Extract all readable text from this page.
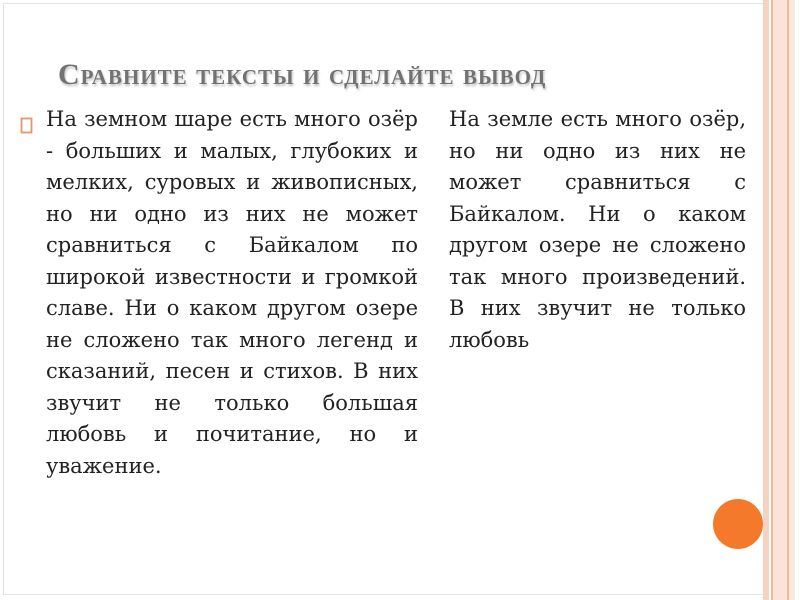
Сравните тексты и сделайте вывод

На земном шаре есть много озёр - больших и малых, глубоких и мелких, суровых и живописных, но ни одно из них не может сравниться с Байкалом по широкой известности и громкой славе. Ни о каком другом озере не сложено так много легенд и сказаний, песен и стихов. В них звучит не только большая любовь и почитание, но и уважение.

На земле есть много озёр, но ни одно из них не может сравниться с Байкалом. Ни о каком другом озере не сложено так много произведений. В них звучит не только любовь
